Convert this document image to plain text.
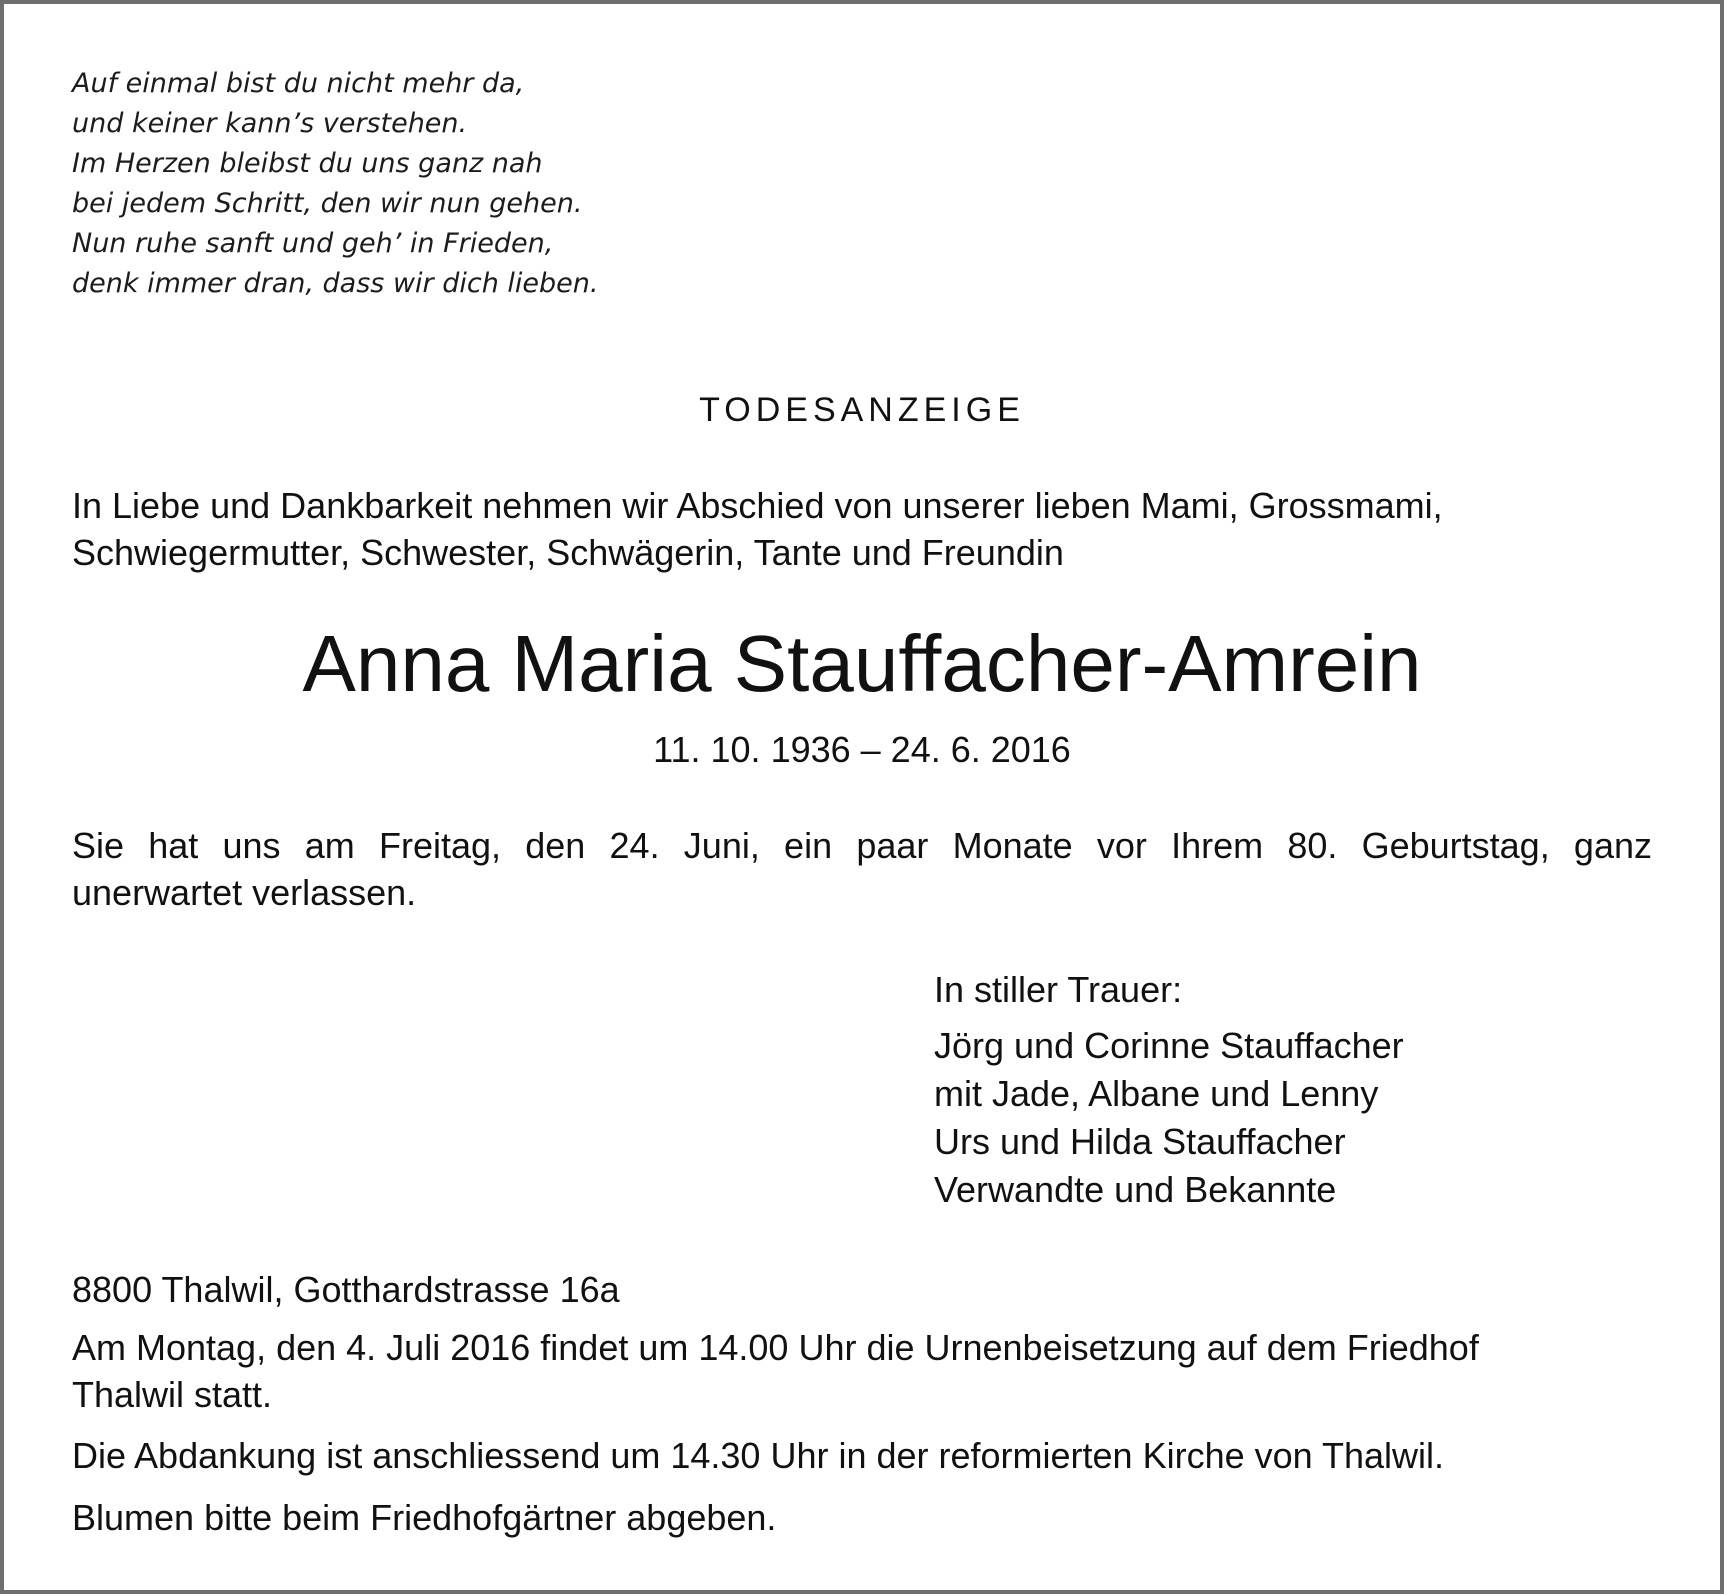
Auf einmal bist du nicht mehr da,
und keiner kann’s verstehen.
Im Herzen bleibst du uns ganz nah
bei jedem Schritt, den wir nun gehen.
Nun ruhe sanft und geh’ in Frieden,
denk immer dran, dass wir dich lieben.
TODESANZEIGE
In Liebe und Dankbarkeit nehmen wir Abschied von unserer lieben Mami, Grossmami,
Schwiegermutter, Schwester, Schwägerin, Tante und Freundin
Anna Maria Stauffacher-Amrein
11. 10. 1936 – 24. 6. 2016
Sie hat uns am Freitag, den 24. Juni, ein paar Monate vor Ihrem 80. Geburtstag, ganz
unerwartet verlassen.
In stiller Trauer:
Jörg und Corinne Stauffacher
mit Jade, Albane und Lenny
Urs und Hilda Stauffacher
Verwandte und Bekannte
8800 Thalwil, Gotthardstrasse 16a
Am Montag, den 4. Juli 2016 findet um 14.00 Uhr die Urnenbeisetzung auf dem Friedhof
Thalwil statt.
Die Abdankung ist anschliessend um 14.30 Uhr in der reformierten Kirche von Thalwil.
Blumen bitte beim Friedhofgärtner abgeben.
